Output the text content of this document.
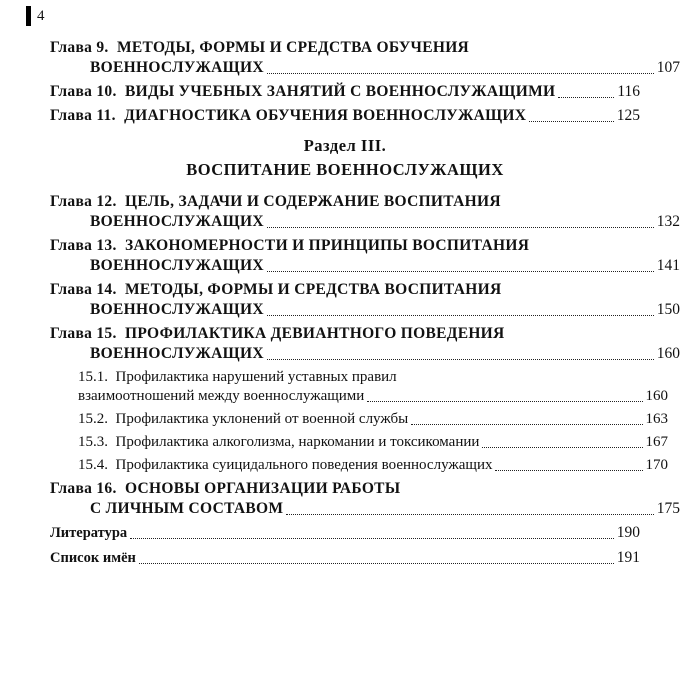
4
Глава 9. МЕТОДЫ, ФОРМЫ И СРЕДСТВА ОБУЧЕНИЯ
ВОЕННОСЛУЖАЩИХ	107
Глава 10. ВИДЫ УЧЕБНЫХ ЗАНЯТИЙ С ВОЕННОСЛУЖАЩИМИ	116
Глава 11. ДИАГНОСТИКА ОБУЧЕНИЯ ВОЕННОСЛУЖАЩИХ	125
Раздел III.
ВОСПИТАНИЕ ВОЕННОСЛУЖАЩИХ
Глава 12. ЦЕЛЬ, ЗАДАЧИ И СОДЕРЖАНИЕ ВОСПИТАНИЯ
ВОЕННОСЛУЖАЩИХ	132
Глава 13. ЗАКОНОМЕРНОСТИ И ПРИНЦИПЫ ВОСПИТАНИЯ
ВОЕННОСЛУЖАЩИХ	141
Глава 14. МЕТОДЫ, ФОРМЫ И СРЕДСТВА ВОСПИТАНИЯ
ВОЕННОСЛУЖАЩИХ	150
Глава 15. ПРОФИЛАКТИКА ДЕВИАНТНОГО ПОВЕДЕНИЯ
ВОЕННОСЛУЖАЩИХ	160
15.1. Профилактика нарушений уставных правил
взаимоотношений между военнослужащими	160
15.2. Профилактика уклонений от военной службы	163
15.3. Профилактика алкоголизма, наркомании и токсикомании	167
15.4. Профилактика суицидального поведения военнослужащих	170
Глава 16. ОСНОВЫ ОРГАНИЗАЦИИ РАБОТЫ
С ЛИЧНЫМ СОСТАВОМ	175
Литература	190
Список имён	191
